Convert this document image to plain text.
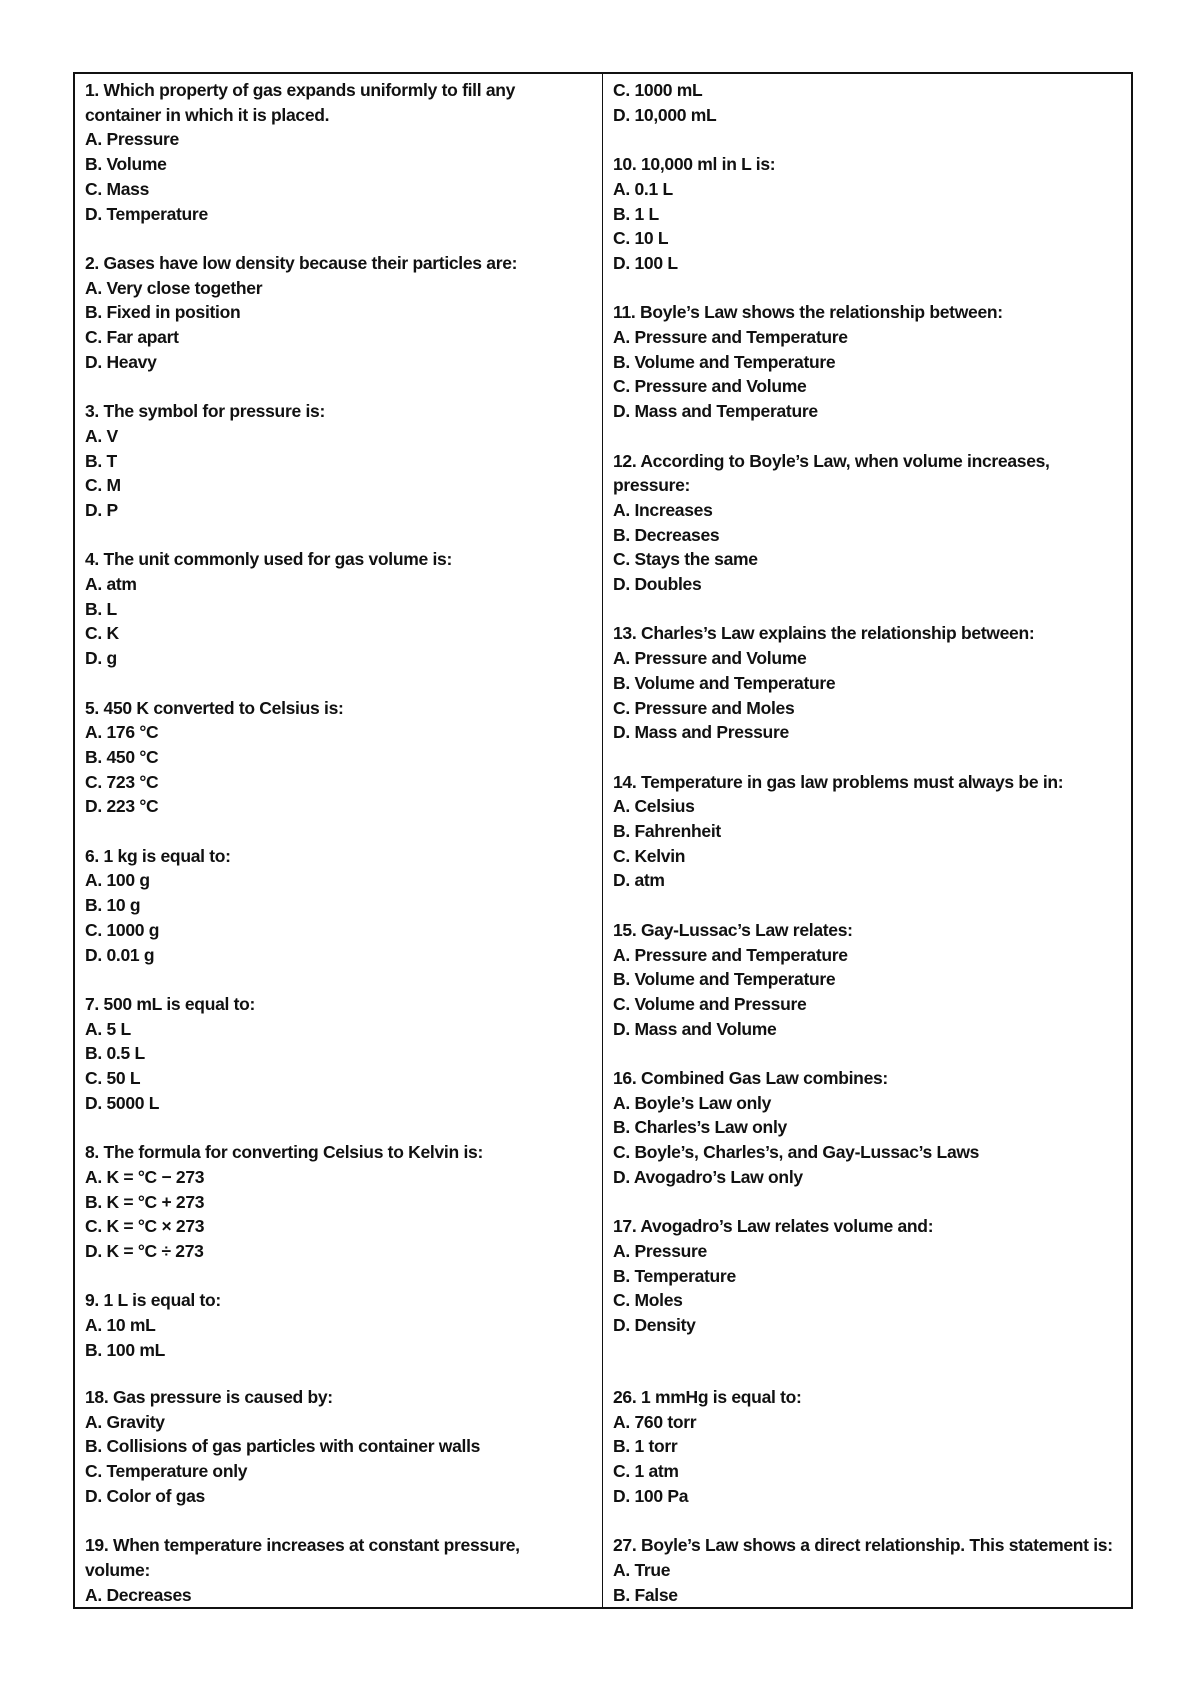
1. Which property of gas expands uniformly to fill any
container in which it is placed.
A. Pressure
B. Volume
C. Mass
D. Temperature
2. Gases have low density because their particles are:
A. Very close together
B. Fixed in position
C. Far apart
D. Heavy
3. The symbol for pressure is:
A. V
B. T
C. M
D. P
4. The unit commonly used for gas volume is:
A. atm
B. L
C. K
D. g
5. 450 K converted to Celsius is:
A. 176 °C
B. 450 °C
C. 723 °C
D. 223 °C
6. 1 kg is equal to:
A. 100 g
B. 10 g
C. 1000 g
D. 0.01 g
7. 500 mL is equal to:
A. 5 L
B. 0.5 L
C. 50 L
D. 5000 L
8. The formula for converting Celsius to Kelvin is:
A. K = °C − 273
B. K = °C + 273
C. K = °C × 273
D. K = °C ÷ 273
9. 1 L is equal to:
A. 10 mL
B. 100 mL
18. Gas pressure is caused by:
A. Gravity
B. Collisions of gas particles with container walls
C. Temperature only
D. Color of gas
19. When temperature increases at constant pressure,
volume:
A. Decreases
C. 1000 mL
D. 10,000 mL
10. 10,000 ml in L is:
A. 0.1 L
B. 1 L
C. 10 L
D. 100 L
11. Boyle’s Law shows the relationship between:
A. Pressure and Temperature
B. Volume and Temperature
C. Pressure and Volume
D. Mass and Temperature
12. According to Boyle’s Law, when volume increases,
pressure:
A. Increases
B. Decreases
C. Stays the same
D. Doubles
13. Charles’s Law explains the relationship between:
A. Pressure and Volume
B. Volume and Temperature
C. Pressure and Moles
D. Mass and Pressure
14. Temperature in gas law problems must always be in:
A. Celsius
B. Fahrenheit
C. Kelvin
D. atm
15. Gay-Lussac’s Law relates:
A. Pressure and Temperature
B. Volume and Temperature
C. Volume and Pressure
D. Mass and Volume
16. Combined Gas Law combines:
A. Boyle’s Law only
B. Charles’s Law only
C. Boyle’s, Charles’s, and Gay-Lussac’s Laws
D. Avogadro’s Law only
17. Avogadro’s Law relates volume and:
A. Pressure
B. Temperature
C. Moles
D. Density
26. 1 mmHg is equal to:
A. 760 torr
B. 1 torr
C. 1 atm
D. 100 Pa
27. Boyle’s Law shows a direct relationship. This statement is:
A. True
B. False
